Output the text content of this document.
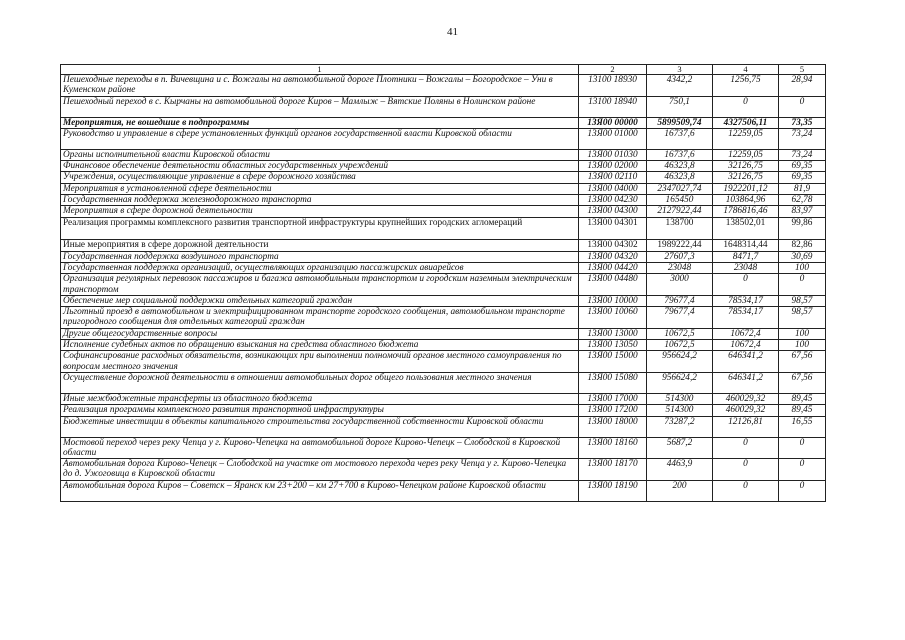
41
1	2	3	4	5
Пешеходные переходы в п. Вичевщина и с. Вожгалы на автомобильной дороге Плотники – Вожгалы – Богородское – Уни в Куменском районе	13100 18930	4342,2	1256,75	28,94
Пешеходный переход в с. Кырчаны на автомобильной дороге Киров – Мамлыж – Вятские Поляны в Нолинском районе	13100 18940	750,1	0	0
Мероприятия, не вошедшие в подпрограммы	13Я00 00000	5899509,74	4327506,11	73,35
Руководство и управление в сфере установленных функций органов государственной власти Кировской области	13Я00 01000	16737,6	12259,05	73,24
Органы исполнительной власти Кировской области	13Я00 01030	16737,6	12259,05	73,24
Финансовое обеспечение деятельности областных государственных учреждений	13Я00 02000	46323,8	32126,75	69,35
Учреждения, осуществляющие управление в сфере дорожного хозяйства	13Я00 02110	46323,8	32126,75	69,35
Мероприятия в установленной сфере деятельности	13Я00 04000	2347027,74	1922201,12	81,9
Государственная поддержка железнодорожного транспорта	13Я00 04230	165450	103864,96	62,78
Мероприятия в сфере дорожной деятельности	13Я00 04300	2127922,44	1786816,46	83,97
Реализация программы комплексного развития транспортной инфраструктуры крупнейших городских агломераций	13Я00 04301	138700	138502,01	99,86
Иные мероприятия в сфере дорожной деятельности	13Я00 04302	1989222,44	1648314,44	82,86
Государственная поддержка воздушного транспорта	13Я00 04320	27607,3	8471,7	30,69
Государственная поддержка организаций, осуществляющих организацию пассажирских авиарейсов	13Я00 04420	23048	23048	100
Организация регулярных перевозок пассажиров и багажа автомобильным транспортом и городским наземным электрическим транспортом	13Я00 04480	3000	0	0
Обеспечение мер социальной поддержки отдельных категорий граждан	13Я00 10000	79677,4	78534,17	98,57
Льготный проезд в автомобильном и электрифицированном транспорте городского сообщения, автомобильном транспорте пригородного сообщения для отдельных категорий граждан	13Я00 10060	79677,4	78534,17	98,57
Другие общегосударственные вопросы	13Я00 13000	10672,5	10672,4	100
Исполнение судебных актов по обращению взыскания на средства областного бюджета	13Я00 13050	10672,5	10672,4	100
Софинансирование расходных обязательств, возникающих при выполнении полномочий органов местного самоуправления по вопросам местного значения	13Я00 15000	956624,2	646341,2	67,56
Осуществление дорожной деятельности в отношении автомобильных дорог общего пользования местного значения	13Я00 15080	956624,2	646341,2	67,56
Иные межбюджетные трансферты из областного бюджета	13Я00 17000	514300	460029,32	89,45
Реализация программы комплексного развития транспортной инфраструктуры	13Я00 17200	514300	460029,32	89,45
Бюджетные инвестиции в объекты капитального строительства государственной собственности Кировской области	13Я00 18000	73287,2	12126,81	16,55
Мостовой переход через реку Чепца у г. Кирово-Чепецка на автомобильной дороге Кирово-Чепецк – Слободской в Кировской области	13Я00 18160	5687,2	0	0
Автомобильная дорога Кирово-Чепецк – Слободской на участке от мостового перехода через реку Чепца у г. Кирово-Чепецка до д. Ужоговица в Кировской области	13Я00 18170	4463,9	0	0
Автомобильная дорога Киров – Советск – Яранск км 23+200 – км 27+700 в Кирово-Чепецком районе Кировской области	13Я00 18190	200	0	0
